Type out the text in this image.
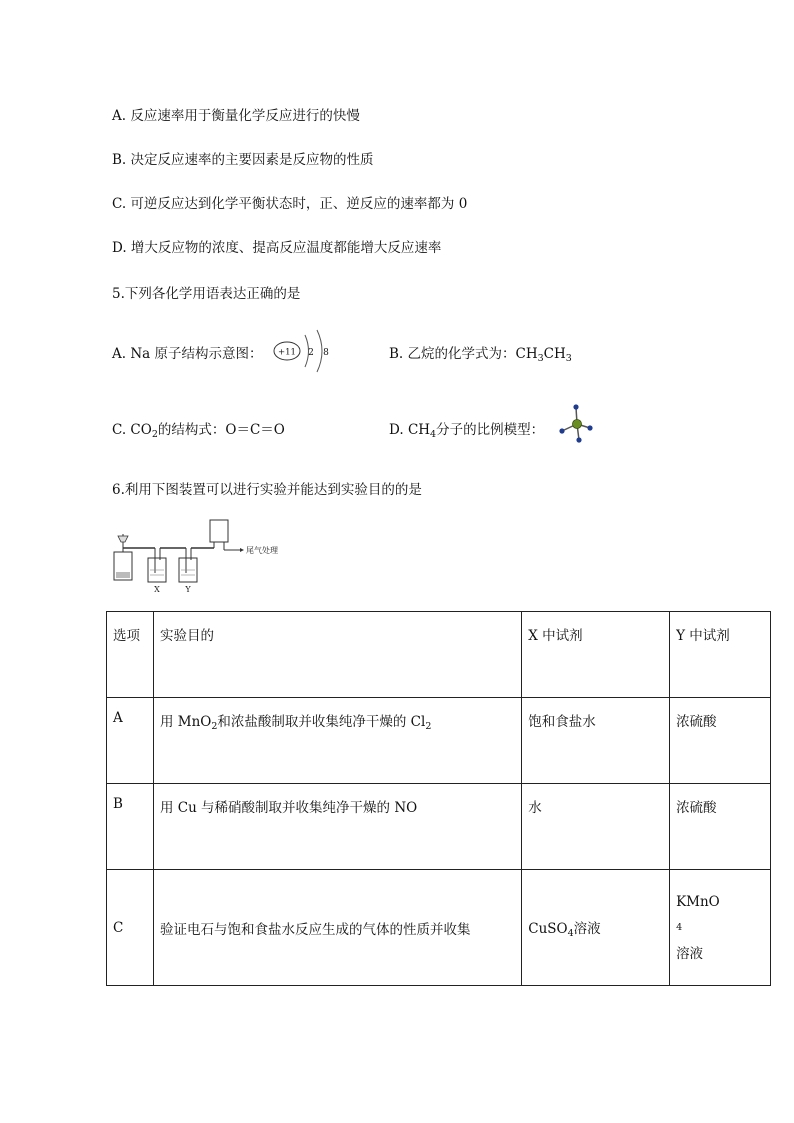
A. 反应速率用于衡量化学反应进行的快慢
B. 决定反应速率的主要因素是反应物的性质
C. 可逆反应达到化学平衡状态时，正、逆反应的速率都为 0
D. 增大反应物的浓度、提高反应温度都能增大反应速率
5.下列各化学用语表达正确的是
A. Na 原子结构示意图： +11 2 8	B. 乙烷的化学式为：$CH_3CH_3$
C. $CO_2$的结构式：O＝C＝O	D. $CH_4$分子的比例模型：
6.利用下图装置可以进行实验并能达到实验目的的是
尾气处理
X	Y
选项	实验目的	X 中试剂	Y 中试剂
A	用 MnO$_2$和浓盐酸制取并收集纯净干燥的 $Cl_2$	饱和食盐水	浓硫酸
B	用 Cu 与稀硝酸制取并收集纯净干燥的 NO	水	浓硫酸
C	验证电石与饱和食盐水反应生成的气体的性质并收集	CuSO$_4$溶液	KMnO
4
溶液
